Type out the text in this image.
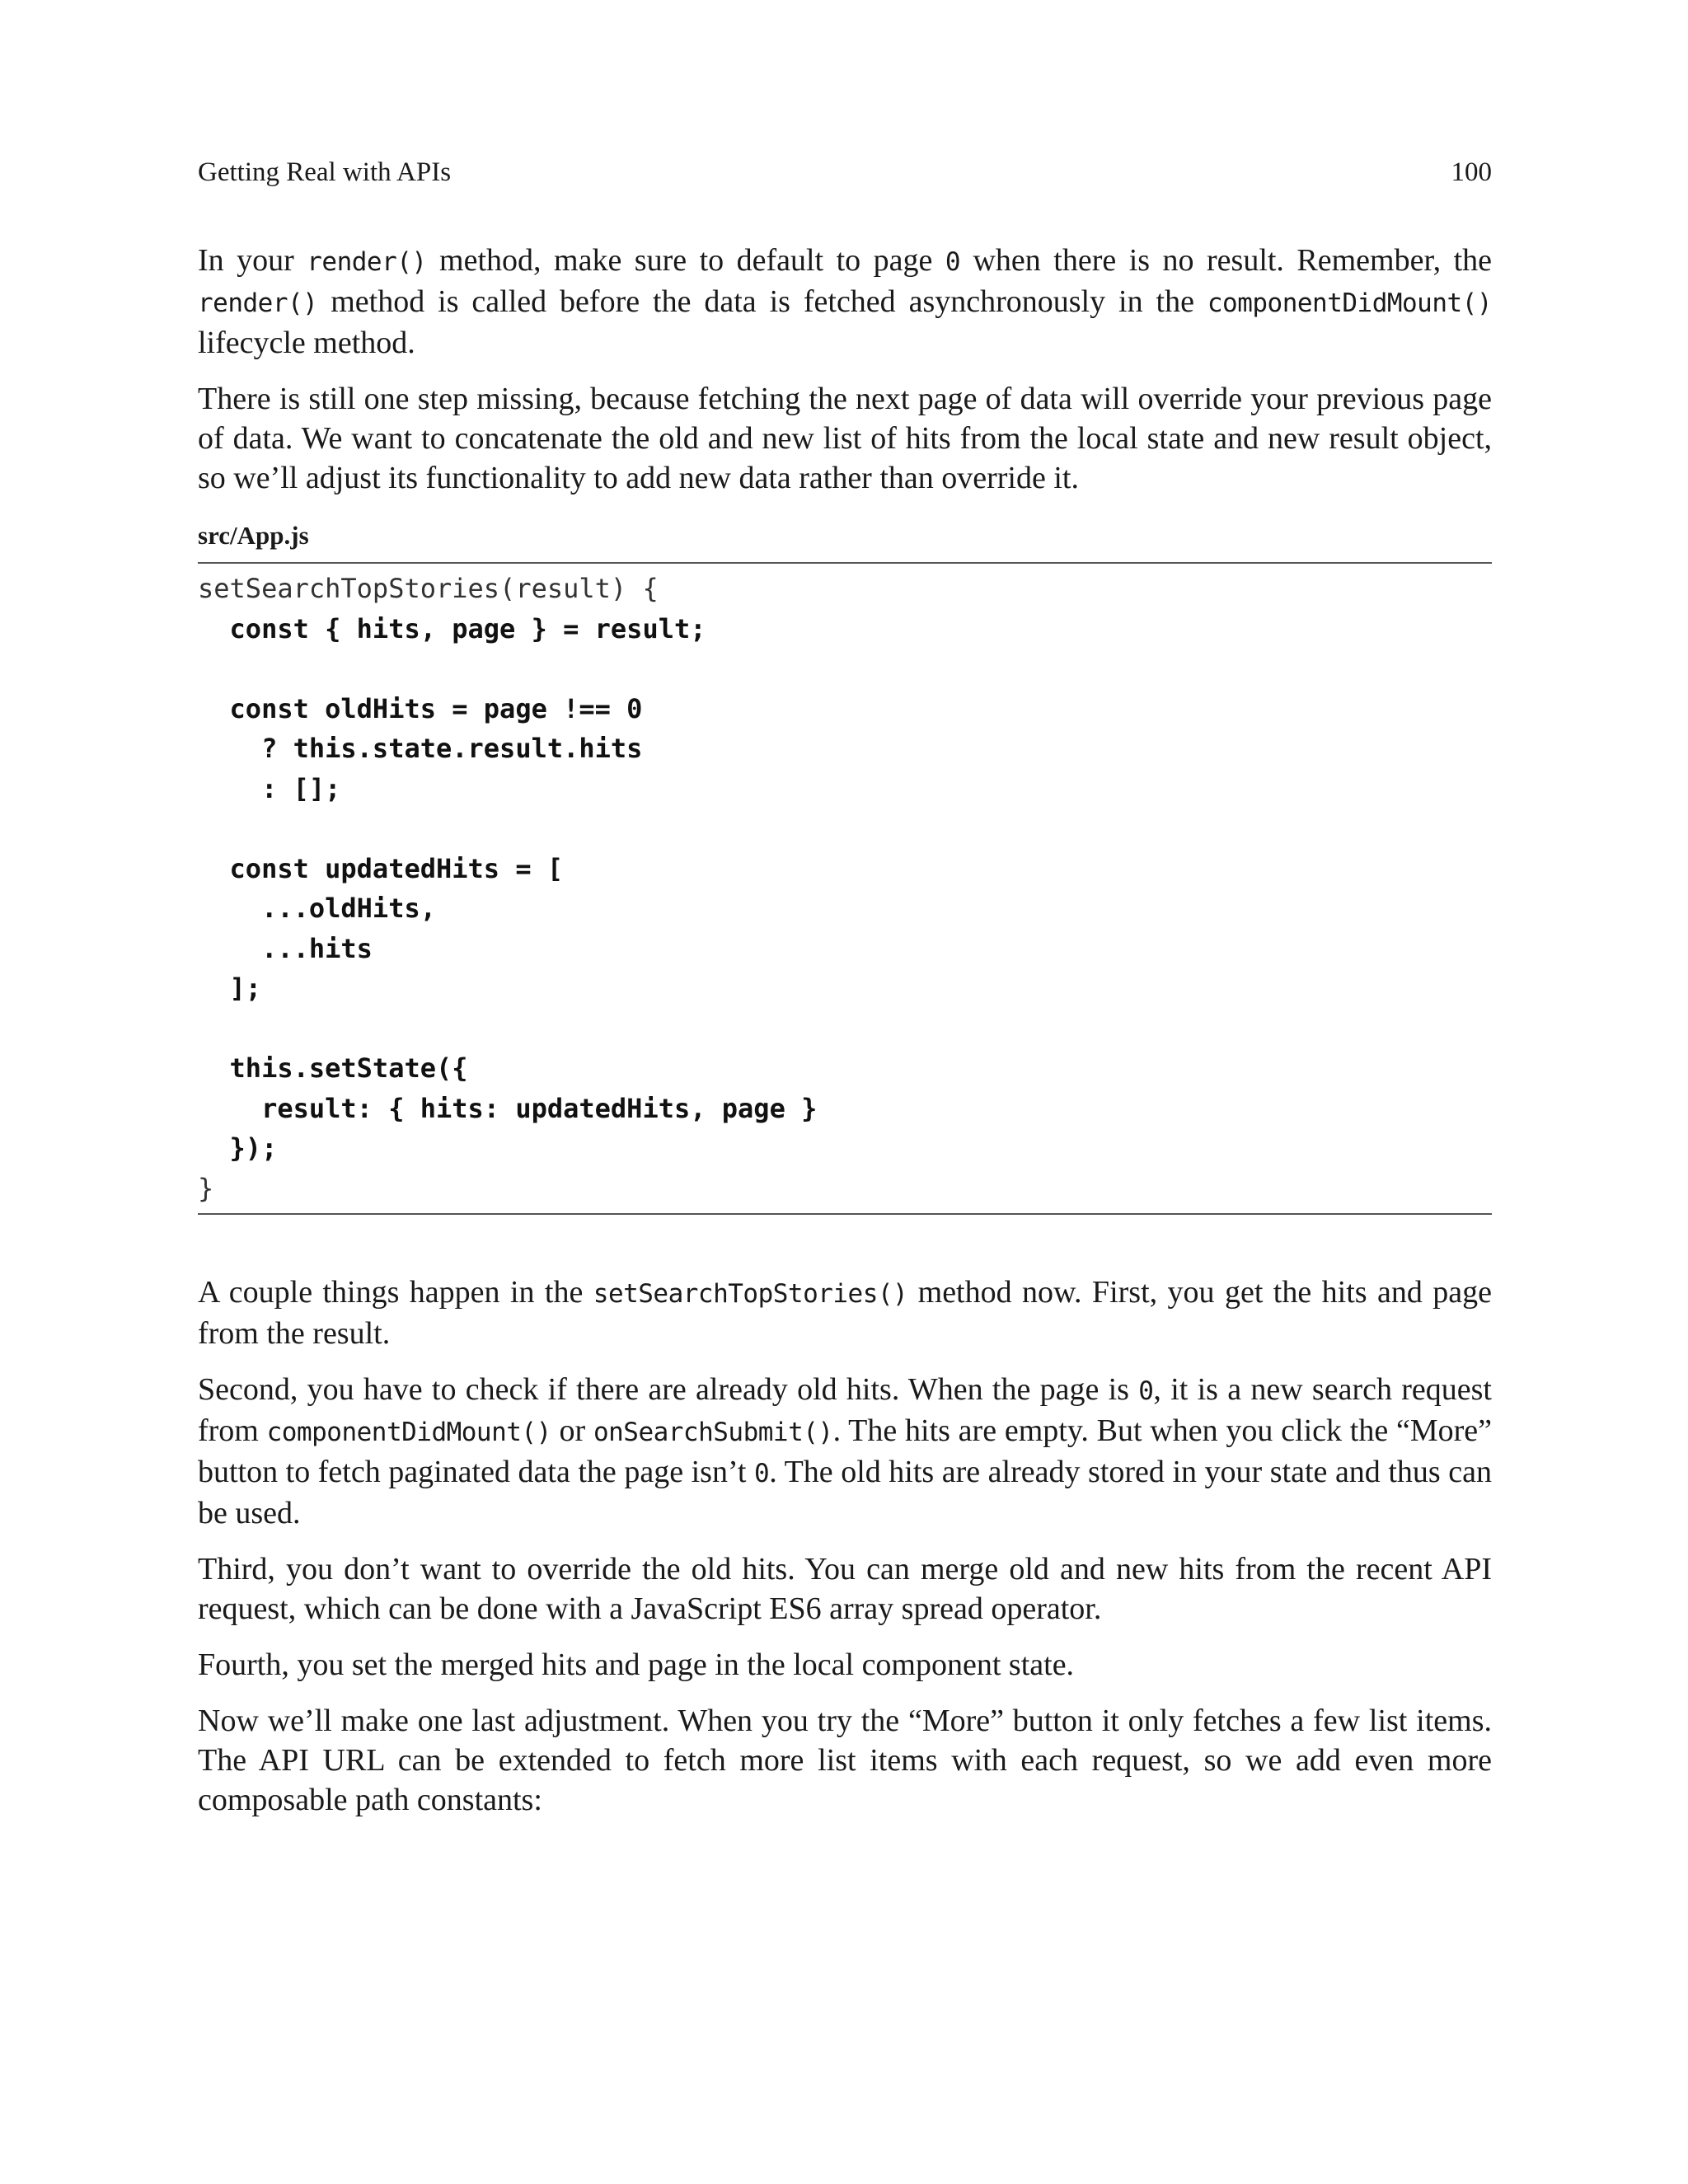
Getting Real with APIs	100

In your render() method, make sure to default to page 0 when there is no result. Remember, the render() method is called before the data is fetched asynchronously in the componentDidMount() lifecycle method.

There is still one step missing, because fetching the next page of data will override your previous page of data. We want to concatenate the old and new list of hits from the local state and new result object, so we’ll adjust its functionality to add new data rather than override it.

src/App.js
setSearchTopStories(result) {
const { hits, page } = result;
const oldHits = page !== 0
? this.state.result.hits
: [];
const updatedHits = [
...oldHits,
...hits
];
this.setState({
result: { hits: updatedHits, page }
});
}

A couple things happen in the setSearchTopStories() method now. First, you get the hits and page from the result.

Second, you have to check if there are already old hits. When the page is 0, it is a new search request from componentDidMount() or onSearchSubmit(). The hits are empty. But when you click the “More” button to fetch paginated data the page isn’t 0. The old hits are already stored in your state and thus can be used.

Third, you don’t want to override the old hits. You can merge old and new hits from the recent API request, which can be done with a JavaScript ES6 array spread operator.

Fourth, you set the merged hits and page in the local component state.

Now we’ll make one last adjustment. When you try the “More” button it only fetches a few list items. The API URL can be extended to fetch more list items with each request, so we add even more composable path constants:
